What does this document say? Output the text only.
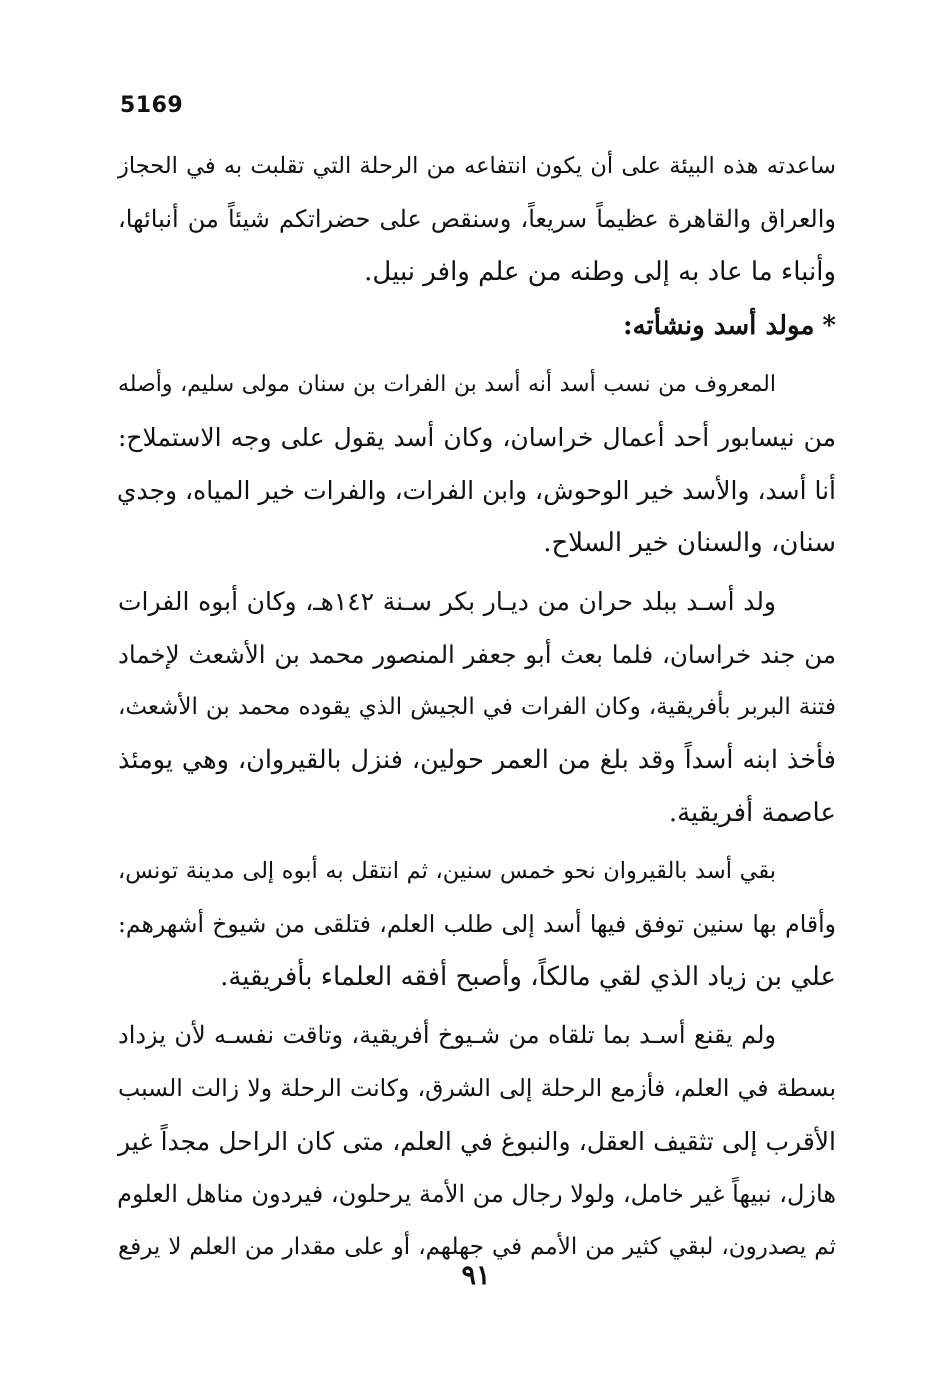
5169
ساعدته هذه البيئة على أن يكون انتفاعه من الرحلة التي تقلبت به في الحجاز
والعراق والقاهرة عظيماً سريعاً، وسنقص على حضراتكم شيئاً من أنبائها،
وأنباء ما عاد به إلى وطنه من علم وافر نبيل.
*مولد أسد ونشأته:
المعروف من نسب أسد أنه أسد بن الفرات بن سنان مولى سليم، وأصله
من نيسابور أحد أعمال خراسان، وكان أسد يقول على وجه الاستملاح:
أنا أسد، والأسد خير الوحوش، وابن الفرات، والفرات خير المياه، وجدي
سنان، والسنان خير السلاح.
ولد أسـد ببلد حران من ديـار بكر سـنة ١٤٢هـ، وكان أبوه الفرات
من جند خراسان، فلما بعث أبو جعفر المنصور محمد بن الأشعث لإخماد
فتنة البربر بأفريقية، وكان الفرات في الجيش الذي يقوده محمد بن الأشعث،
فأخذ ابنه أسداً وقد بلغ من العمر حولين، فنزل بالقيروان، وهي يومئذ
عاصمة أفريقية.
بقي أسد بالقيروان نحو خمس سنين، ثم انتقل به أبوه إلى مدينة تونس،
وأقام بها سنين توفق فيها أسد إلى طلب العلم، فتلقى من شيوخ أشهرهم:
علي بن زياد الذي لقي مالكاً، وأصبح أفقه العلماء بأفريقية.
ولم يقنع أسـد بما تلقاه من شـيوخ أفريقية، وتاقت نفسـه لأن يزداد
بسطة في العلم، فأزمع الرحلة إلى الشرق، وكانت الرحلة ولا زالت السبب
الأقرب إلى تثقيف العقل، والنبوغ في العلم، متى كان الراحل مجداً غير
هازل، نبيهاً غير خامل، ولولا رجال من الأمة يرحلون، فيردون مناهل العلوم
ثم يصدرون، لبقي كثير من الأمم في جهلهم، أو على مقدار من العلم لا يرفع
٩١
